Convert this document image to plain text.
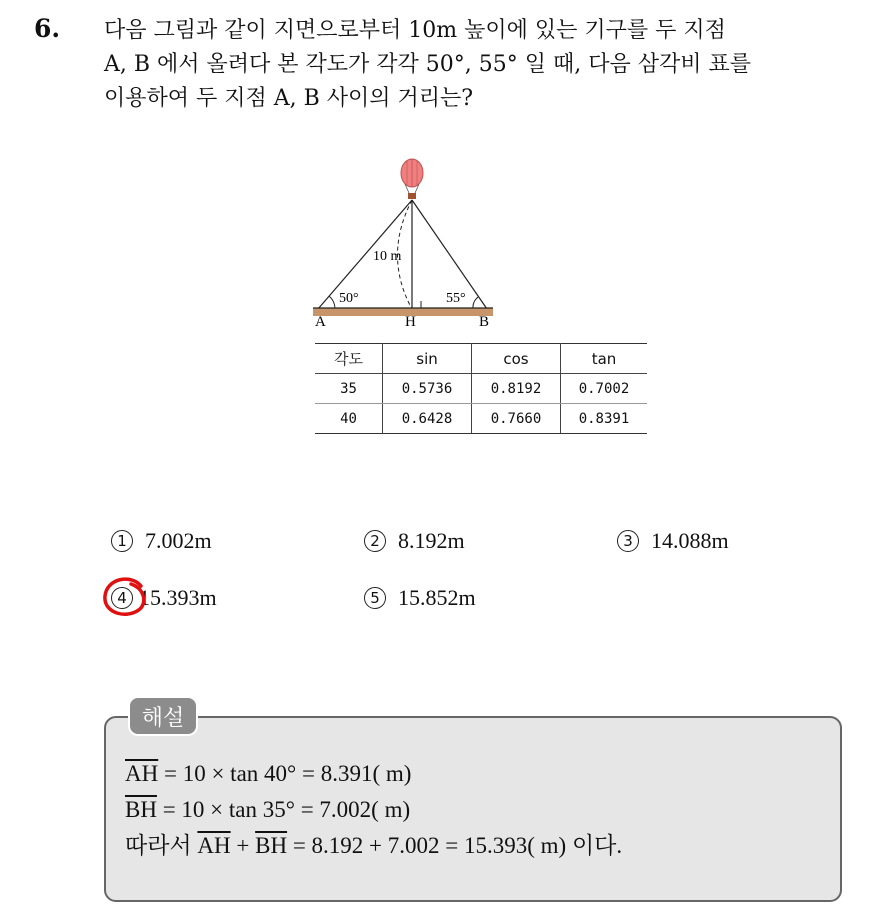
6. 다음 그림과 같이 지면으로부터 10m 높이에 있는 기구를 두 지점
A, B 에서 올려다 본 각도가 각각 50°, 55° 일 때, 다음 삼각비 표를
이용하여 두 지점 A, B 사이의 거리는?
10 m
50°	55°
A	H	B
각도	sin	cos	tan
35	0.5736	0.8192	0.7002
40	0.6428	0.7660	0.8391
1 7.002m	2 8.192m	3 14.088m
4 15.393m	5 15.852m
해설
$\overline{AH} = 10 \times \tan 40^\circ = 8.391$( m)
$\overline{BH} = 10 \times \tan 35^\circ = 7.002$( m)
따라서 $\overline{AH} + \overline{BH} = 8.192 + 7.002 = 15.393$( m) 이다.
